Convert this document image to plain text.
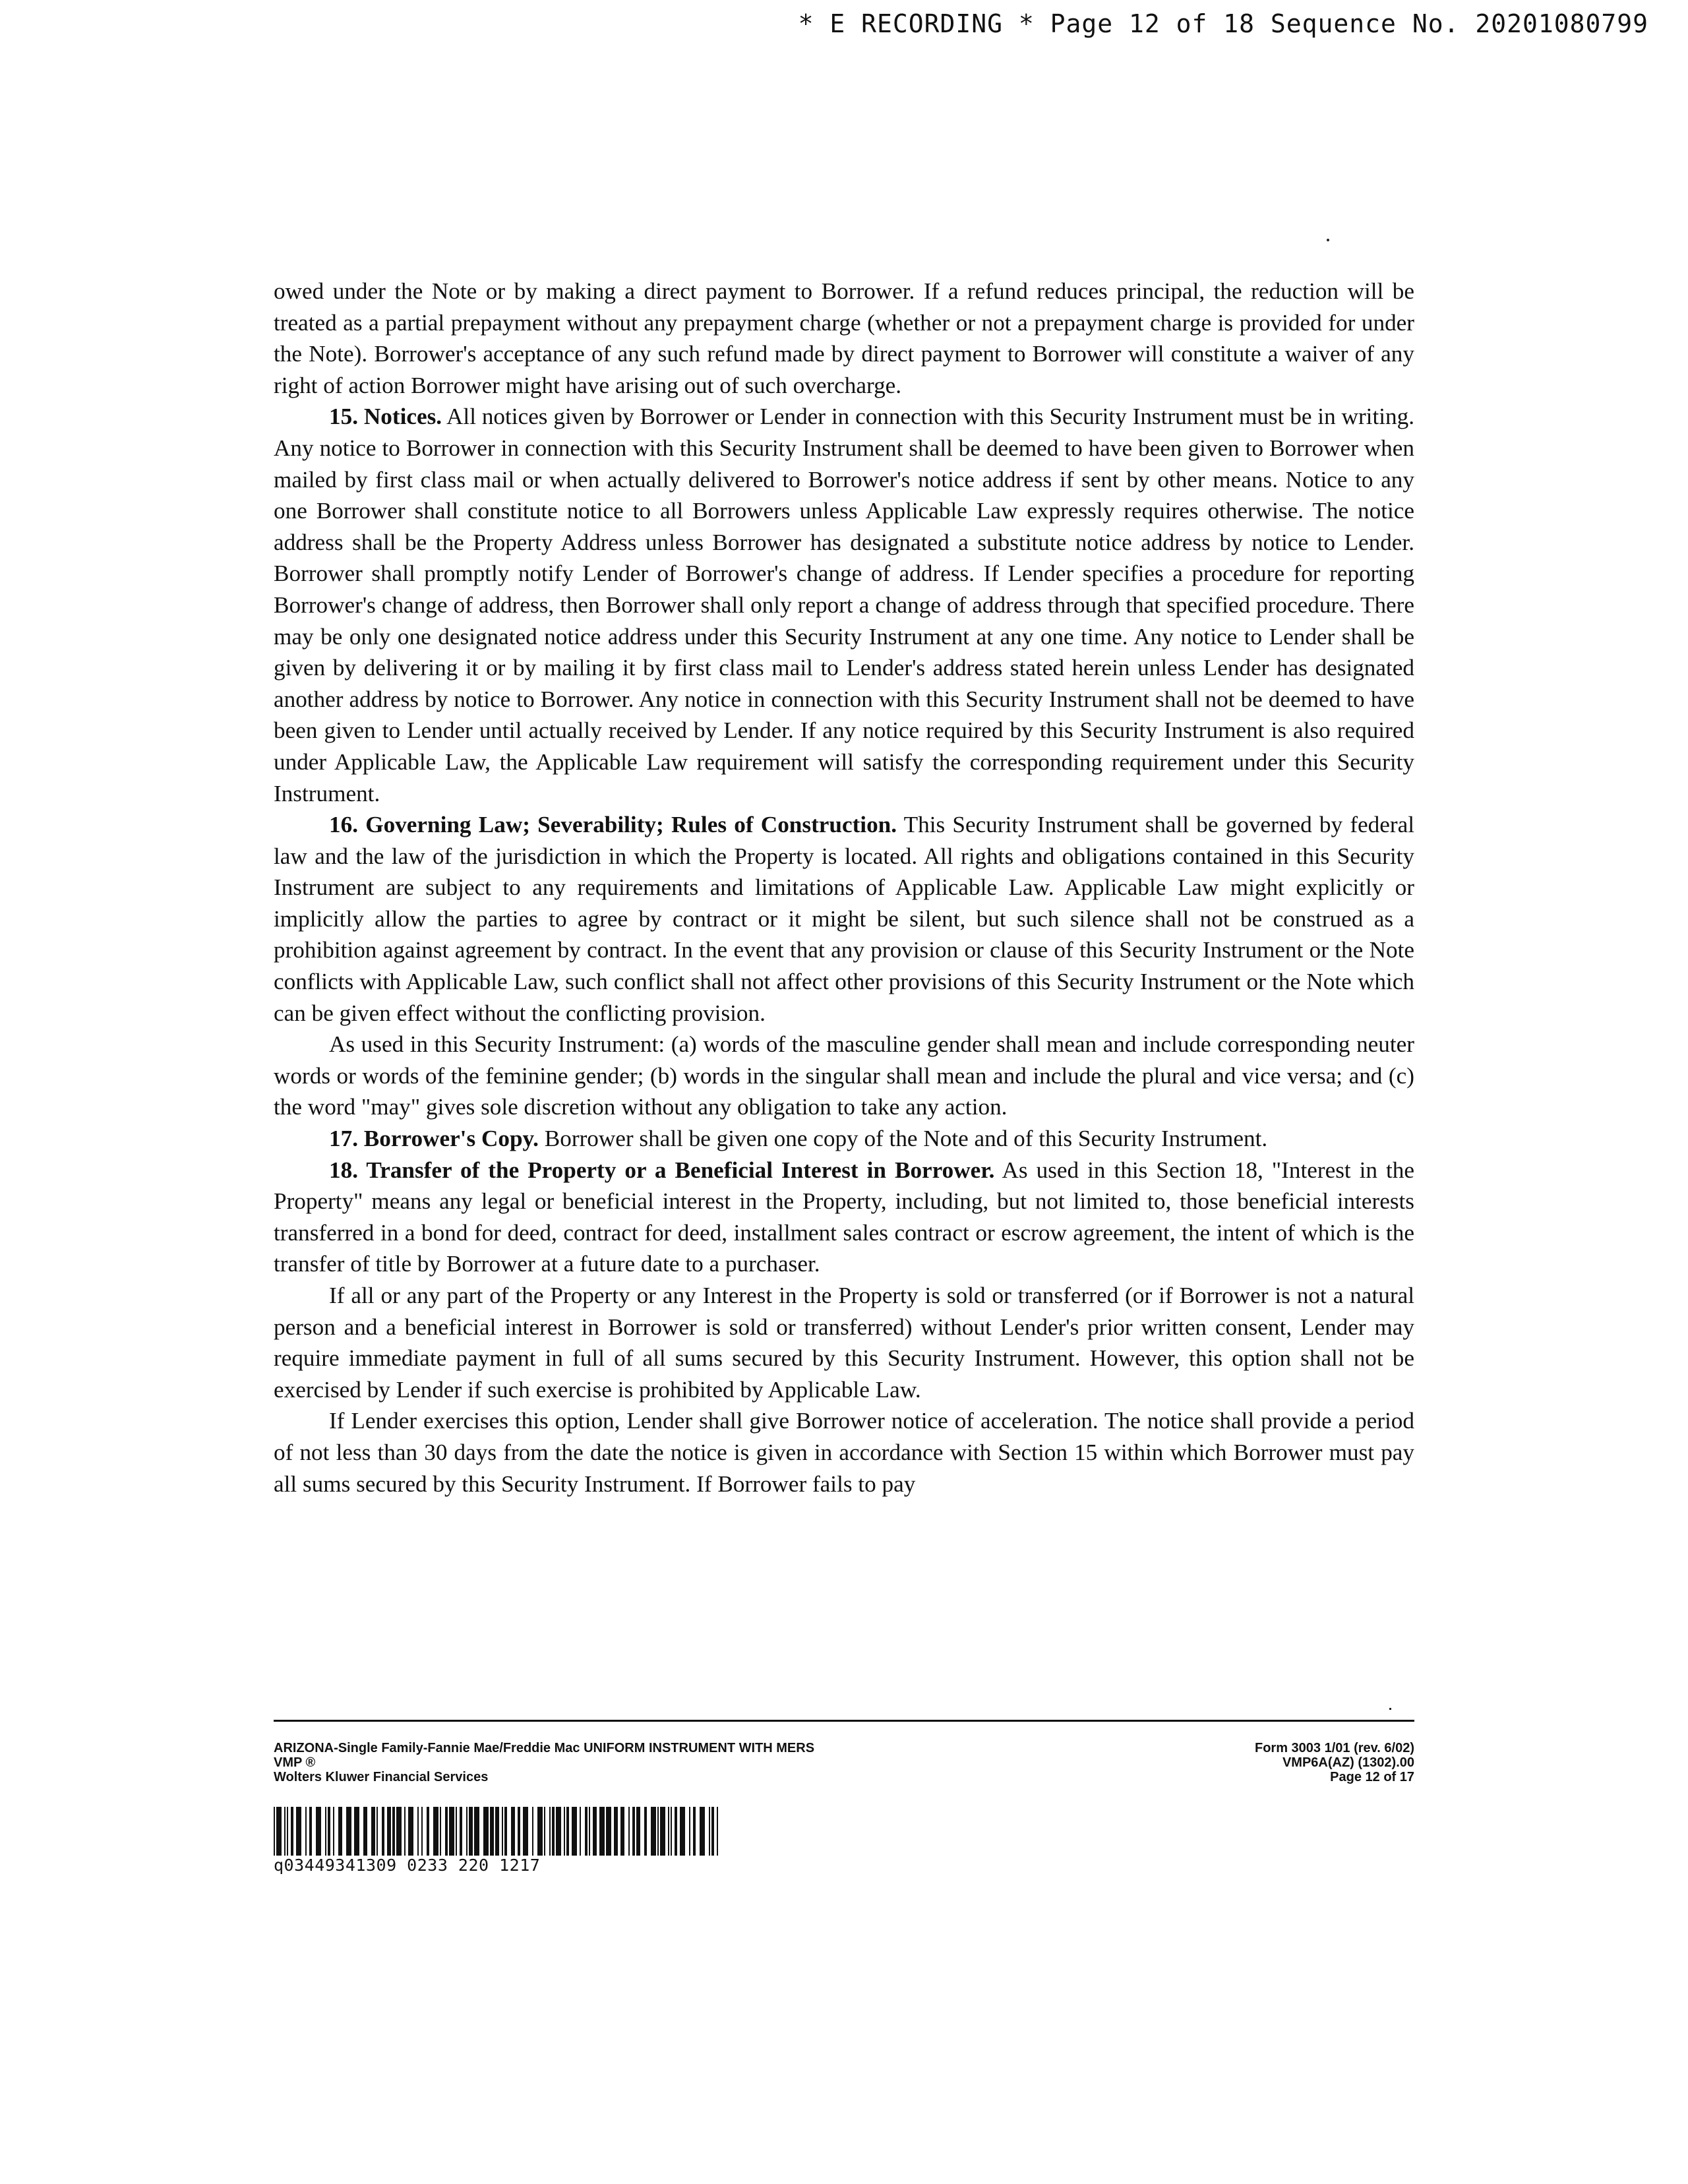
* E RECORDING * Page 12 of 18 Sequence No. 20201080799

owed under the Note or by making a direct payment to Borrower. If a refund reduces principal, the reduction will be treated as a partial prepayment without any prepayment charge (whether or not a prepayment charge is provided for under the Note). Borrower's acceptance of any such refund made by direct payment to Borrower will constitute a waiver of any right of action Borrower might have arising out of such overcharge.

15. Notices. All notices given by Borrower or Lender in connection with this Security Instrument must be in writing. Any notice to Borrower in connection with this Security Instrument shall be deemed to have been given to Borrower when mailed by first class mail or when actually delivered to Borrower's notice address if sent by other means. Notice to any one Borrower shall constitute notice to all Borrowers unless Applicable Law expressly requires otherwise. The notice address shall be the Property Address unless Borrower has designated a substitute notice address by notice to Lender. Borrower shall promptly notify Lender of Borrower's change of address. If Lender specifies a procedure for reporting Borrower's change of address, then Borrower shall only report a change of address through that specified procedure. There may be only one designated notice address under this Security Instrument at any one time. Any notice to Lender shall be given by delivering it or by mailing it by first class mail to Lender's address stated herein unless Lender has designated another address by notice to Borrower. Any notice in connection with this Security Instrument shall not be deemed to have been given to Lender until actually received by Lender. If any notice required by this Security Instrument is also required under Applicable Law, the Applicable Law requirement will satisfy the corresponding requirement under this Security Instrument.

16. Governing Law; Severability; Rules of Construction. This Security Instrument shall be governed by federal law and the law of the jurisdiction in which the Property is located. All rights and obligations contained in this Security Instrument are subject to any requirements and limitations of Applicable Law. Applicable Law might explicitly or implicitly allow the parties to agree by contract or it might be silent, but such silence shall not be construed as a prohibition against agreement by contract. In the event that any provision or clause of this Security Instrument or the Note conflicts with Applicable Law, such conflict shall not affect other provisions of this Security Instrument or the Note which can be given effect without the conflicting provision.

As used in this Security Instrument: (a) words of the masculine gender shall mean and include corresponding neuter words or words of the feminine gender; (b) words in the singular shall mean and include the plural and vice versa; and (c) the word "may" gives sole discretion without any obligation to take any action.

17. Borrower's Copy. Borrower shall be given one copy of the Note and of this Security Instrument.

18. Transfer of the Property or a Beneficial Interest in Borrower. As used in this Section 18, "Interest in the Property" means any legal or beneficial interest in the Property, including, but not limited to, those beneficial interests transferred in a bond for deed, contract for deed, installment sales contract or escrow agreement, the intent of which is the transfer of title by Borrower at a future date to a purchaser.

If all or any part of the Property or any Interest in the Property is sold or transferred (or if Borrower is not a natural person and a beneficial interest in Borrower is sold or transferred) without Lender's prior written consent, Lender may require immediate payment in full of all sums secured by this Security Instrument. However, this option shall not be exercised by Lender if such exercise is prohibited by Applicable Law.

If Lender exercises this option, Lender shall give Borrower notice of acceleration. The notice shall provide a period of not less than 30 days from the date the notice is given in accordance with Section 15 within which Borrower must pay all sums secured by this Security Instrument. If Borrower fails to pay

ARIZONA-Single Family-Fannie Mae/Freddie Mac UNIFORM INSTRUMENT WITH MERS
VMP ®
Wolters Kluwer Financial Services
Form 3003 1/01 (rev. 6/02)
VMP6A(AZ) (1302).00
Page 12 of 17
q03449341309 0233 220 1217
